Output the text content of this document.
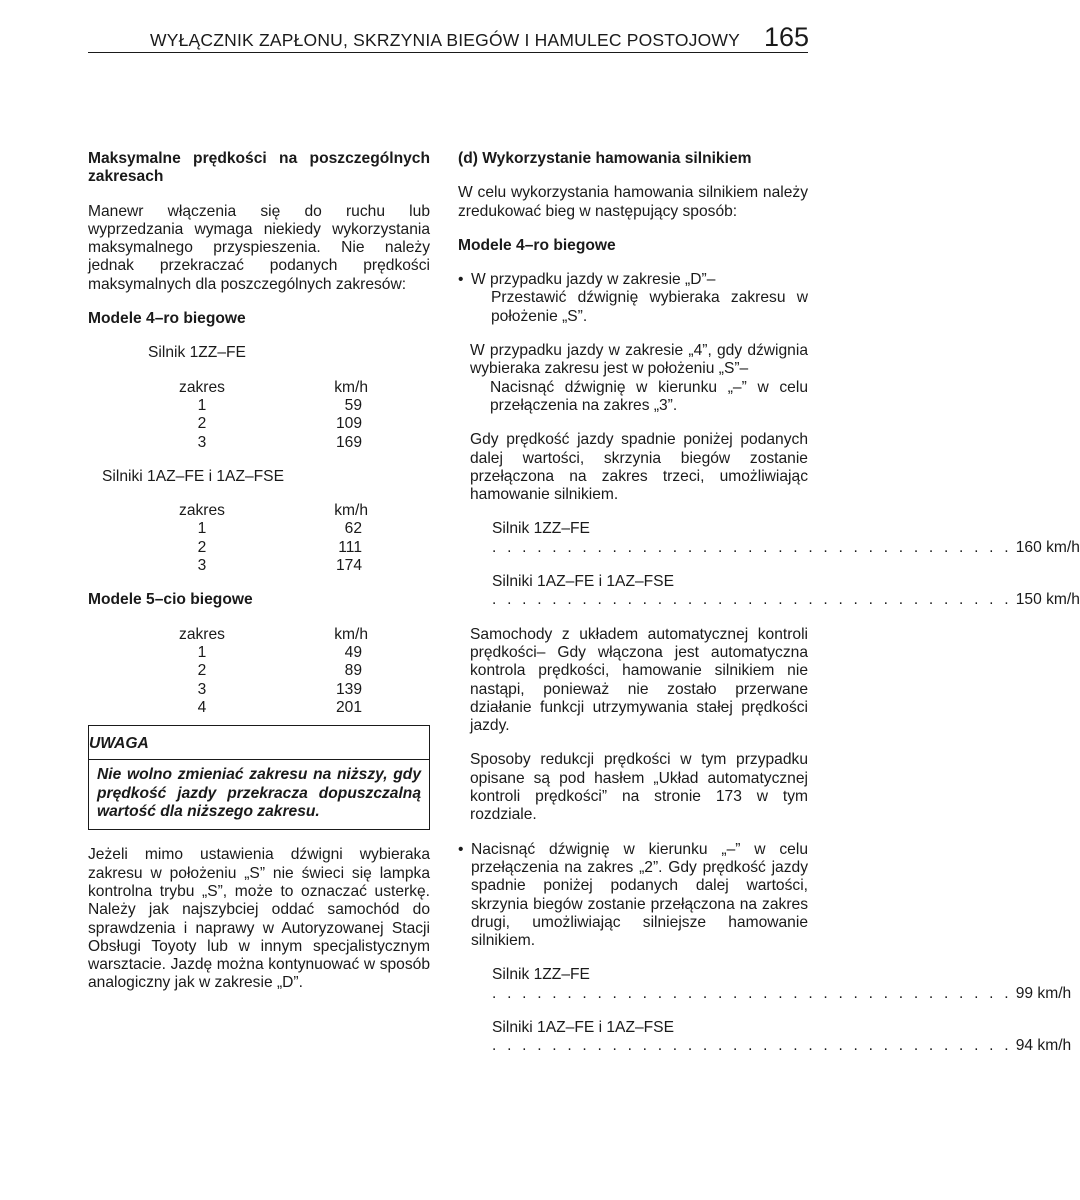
WYŁĄCZNIK ZAPŁONU, SKRZYNIA BIEGÓW I HAMULEC POSTOJOWY 165

Maksymalne prędkości na poszczególnych zakresach

Manewr włączenia się do ruchu lub wyprzedzania wymaga niekiedy wykorzystania maksymalnego przyspieszenia. Nie należy jednak przekraczać podanych prędkości maksymalnych dla poszczególnych zakresów:

Modele 4–ro biegowe

Silnik 1ZZ–FE

zakres	km/h
1	59
2	109
3	169

Silniki 1AZ–FE i 1AZ–FSE

zakres	km/h
1	62
2	111
3	174

Modele 5–cio biegowe

zakres	km/h
1	49
2	89
3	139
4	201

UWAGA

Nie wolno zmieniać zakresu na niższy, gdy prędkość jazdy przekracza dopuszczalną wartość dla niższego zakresu.

Jeżeli mimo ustawienia dźwigni wybieraka zakresu w położeniu „S” nie świeci się lampka kontrolna trybu „S”, może to oznaczać usterkę. Należy jak najszybciej oddać samochód do sprawdzenia i naprawy w Autoryzowanej Stacji Obsługi Toyoty lub w innym specjalistycznym warsztacie. Jazdę można kontynuować w sposób analogiczny jak w zakresie „D”.

(d) Wykorzystanie hamowania silnikiem

W celu wykorzystania hamowania silnikiem należy zredukować bieg w następujący sposób:

Modele 4–ro biegowe

• W przypadku jazdy w zakresie „D”–

Przestawić dźwignię wybieraka zakresu w położenie „S”.

W przypadku jazdy w zakresie „4”, gdy dźwignia wybieraka zakresu jest w położeniu „S”–

Nacisnąć dźwignię w kierunku „–” w celu przełączenia na zakres „3”.

Gdy prędkość jazdy spadnie poniżej podanych dalej wartości, skrzynia biegów zostanie przełączona na zakres trzeci, umożliwiając hamowanie silnikiem.

Silnik 1ZZ–FE

. . . . . . . . . . . . . . . . . . . . . . . . . . . . . . . . . . . 160 km/h

Silniki 1AZ–FE i 1AZ–FSE

. . . . . . . . . . . . . . . . . . . . . . . . . . . . . . . . . . . 150 km/h

Samochody z układem automatycznej kontroli prędkości– Gdy włączona jest automatyczna kontrola prędkości, hamowanie silnikiem nie nastąpi, ponieważ nie zostało przerwane działanie funkcji utrzymywania stałej prędkości jazdy.

Sposoby redukcji prędkości w tym przypadku opisane są pod hasłem „Układ automatycznej kontroli prędkości” na stronie 173 w tym rozdziale.

• Nacisnąć dźwignię w kierunku „–” w celu przełączenia na zakres „2”. Gdy prędkość jazdy spadnie poniżej podanych dalej wartości, skrzynia biegów zostanie przełączona na zakres drugi, umożliwiając silniejsze hamowanie silnikiem.

Silnik 1ZZ–FE

. . . . . . . . . . . . . . . . . . . . . . . . . . . . . . . . . . . 99 km/h

Silniki 1AZ–FE i 1AZ–FSE

. . . . . . . . . . . . . . . . . . . . . . . . . . . . . . . . . . . 94 km/h
